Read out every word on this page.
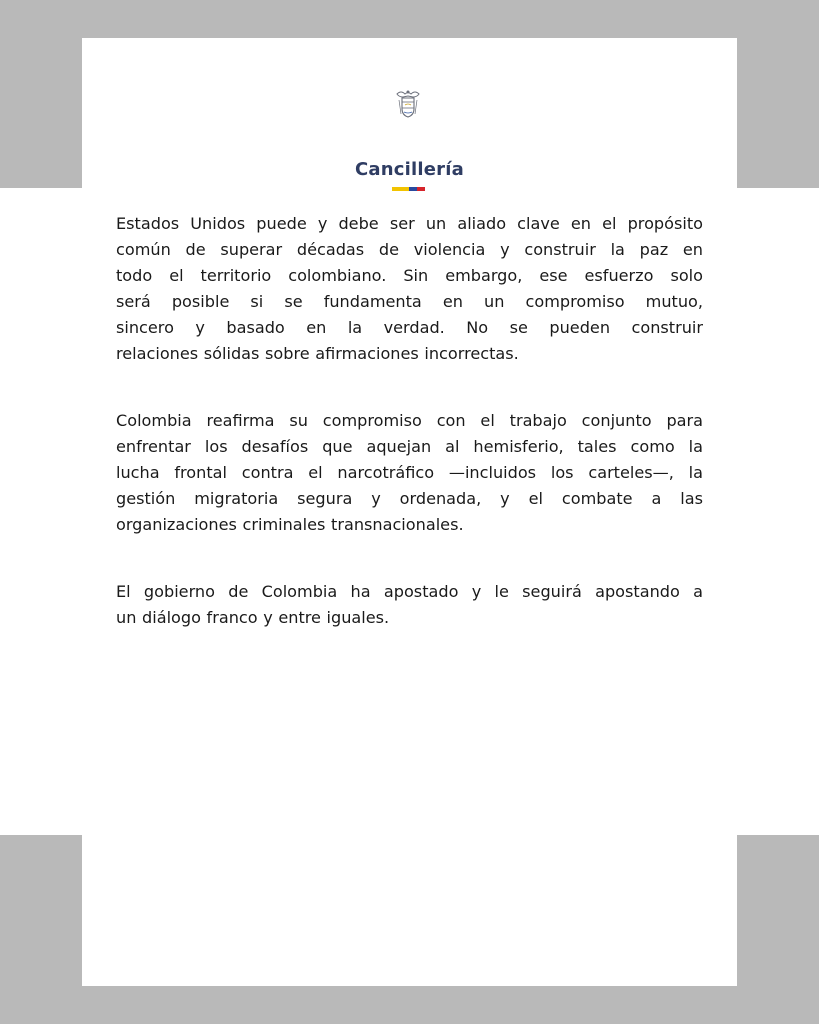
Cancillería

Estados Unidos puede y debe ser un aliado clave en el propósito
común de superar décadas de violencia y construir la paz en
todo el territorio colombiano. Sin embargo, ese esfuerzo solo
será posible si se fundamenta en un compromiso mutuo,
sincero y basado en la verdad. No se pueden construir
relaciones sólidas sobre afirmaciones incorrectas.

Colombia reafirma su compromiso con el trabajo conjunto para
enfrentar los desafíos que aquejan al hemisferio, tales como la
lucha frontal contra el narcotráfico —incluidos los carteles—, la
gestión migratoria segura y ordenada, y el combate a las
organizaciones criminales transnacionales.

El gobierno de Colombia ha apostado y le seguirá apostando a
un diálogo franco y entre iguales.
